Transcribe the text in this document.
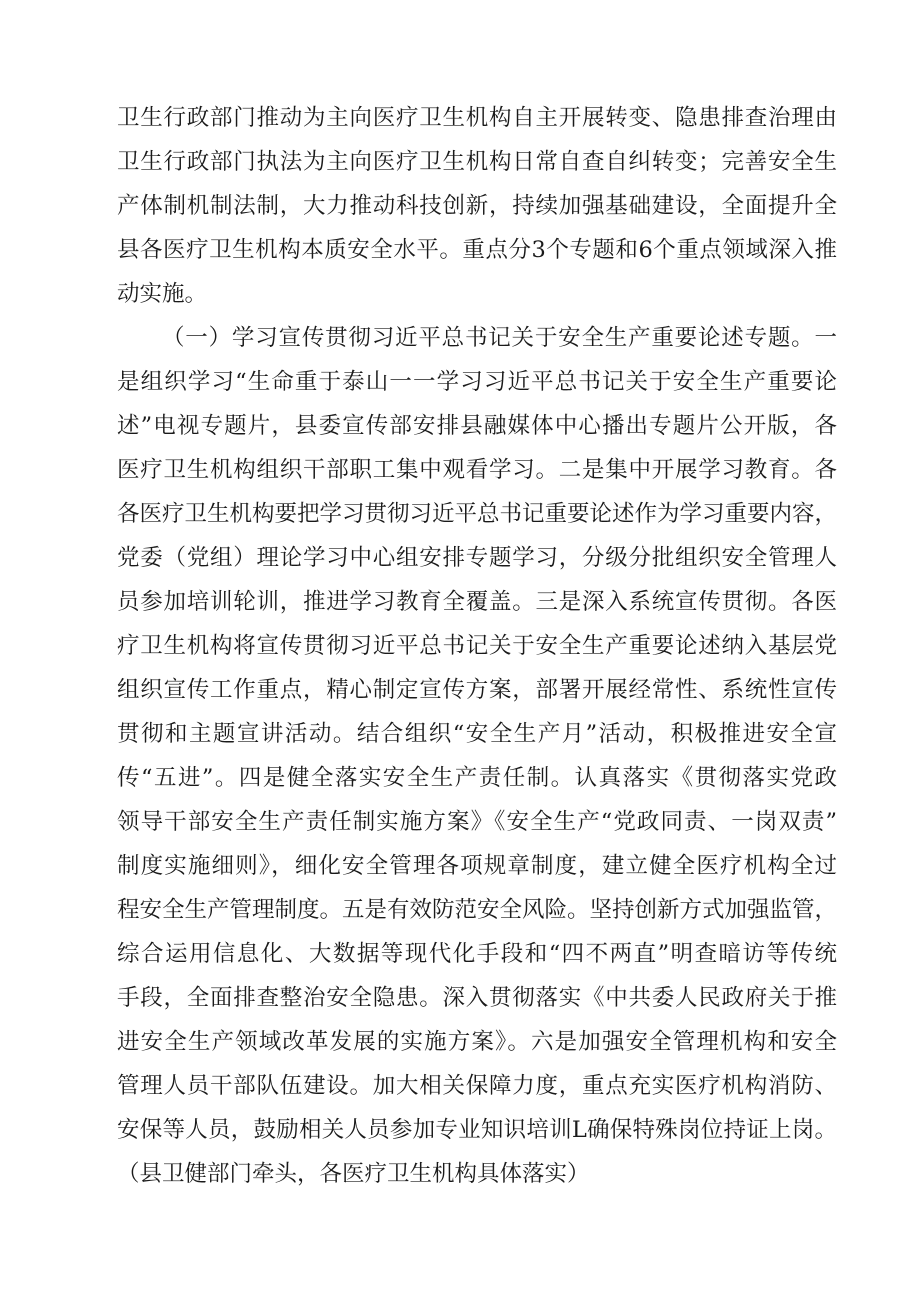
卫生行政部门推动为主向医疗卫生机构自主开展转变、隐患排查治理由
卫生行政部门执法为主向医疗卫生机构日常自查自纠转变；完善安全生
产体制机制法制，大力推动科技创新，持续加强基础建设，全面提升全
县各医疗卫生机构本质安全水平。重点分3个专题和6个重点领域深入推
动实施。
（一）学习宣传贯彻习近平总书记关于安全生产重要论述专题。一
是组织学习“生命重于泰山一一学习习近平总书记关于安全生产重要论
述”电视专题片，县委宣传部安排县融媒体中心播出专题片公开版，各
医疗卫生机构组织干部职工集中观看学习。二是集中开展学习教育。各
各医疗卫生机构要把学习贯彻习近平总书记重要论述作为学习重要内容，
党委（党组）理论学习中心组安排专题学习，分级分批组织安全管理人
员参加培训轮训，推进学习教育全覆盖。三是深入系统宣传贯彻。各医
疗卫生机构将宣传贯彻习近平总书记关于安全生产重要论述纳入基层党
组织宣传工作重点，精心制定宣传方案，部署开展经常性、系统性宣传
贯彻和主题宣讲活动。结合组织“安全生产月”活动，积极推进安全宣
传“五进”。四是健全落实安全生产责任制。认真落实《贯彻落实党政
领导干部安全生产责任制实施方案》《安全生产“党政同责、一岗双责”
制度实施细则》，细化安全管理各项规章制度，建立健全医疗机构全过
程安全生产管理制度。五是有效防范安全风险。坚持创新方式加强监管，
综合运用信息化、大数据等现代化手段和“四不两直”明查暗访等传统
手段，全面排查整治安全隐患。深入贯彻落实《中共委人民政府关于推
进安全生产领域改革发展的实施方案》。六是加强安全管理机构和安全
管理人员干部队伍建设。加大相关保障力度，重点充实医疗机构消防、
安保等人员，鼓励相关人员参加专业知识培训L确保特殊岗位持证上岗。
（县卫健部门牵头，各医疗卫生机构具体落实）
